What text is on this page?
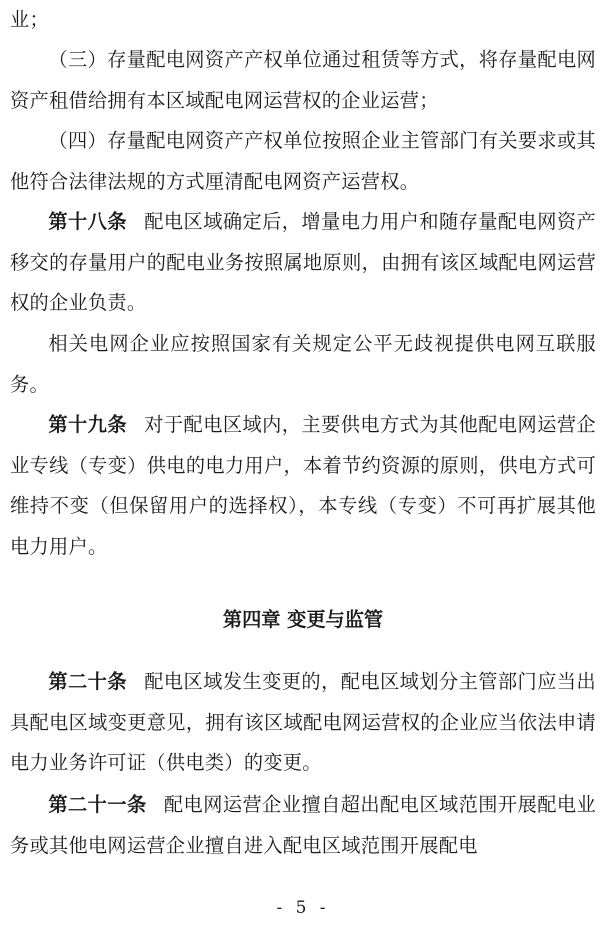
业；
（三）存量配电网资产产权单位通过租赁等方式，将存量配电网资产租借给拥有本区域配电网运营权的企业运营；
（四）存量配电网资产产权单位按照企业主管部门有关要求或其他符合法律法规的方式厘清配电网资产运营权。
第十八条 配电区域确定后，增量电力用户和随存量配电网资产移交的存量用户的配电业务按照属地原则，由拥有该区域配电网运营权的企业负责。
相关电网企业应按照国家有关规定公平无歧视提供电网互联服务。
第十九条 对于配电区域内，主要供电方式为其他配电网运营企业专线（专变）供电的电力用户，本着节约资源的原则，供电方式可维持不变（但保留用户的选择权），本专线（专变）不可再扩展其他电力用户。
第四章 变更与监管
第二十条 配电区域发生变更的，配电区域划分主管部门应当出具配电区域变更意见，拥有该区域配电网运营权的企业应当依法申请电力业务许可证（供电类）的变更。
第二十一条 配电网运营企业擅自超出配电区域范围开展配电业务或其他电网运营企业擅自进入配电区域范围开展配电
- 5 -
